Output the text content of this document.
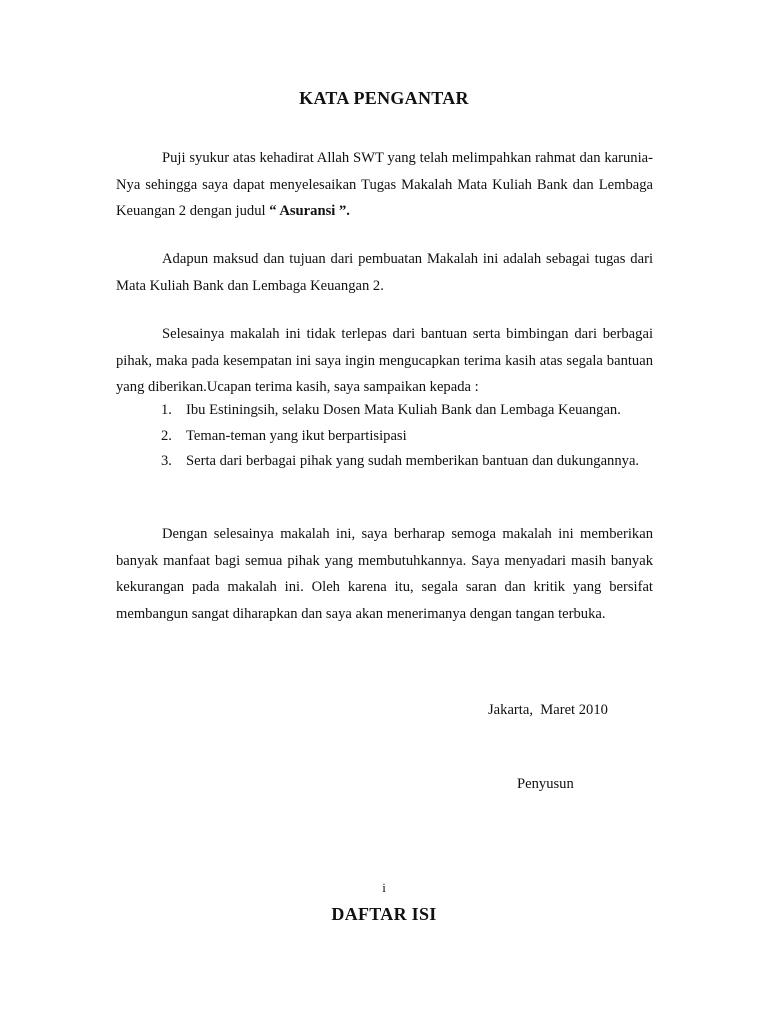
KATA PENGANTAR

Puji syukur atas kehadirat Allah SWT yang telah melimpahkan rahmat dan karunia-Nya sehingga saya dapat menyelesaikan Tugas Makalah Mata Kuliah Bank dan Lembaga Keuangan 2 dengan judul “ Asuransi ”.

Adapun maksud dan tujuan dari pembuatan Makalah ini adalah sebagai tugas dari Mata Kuliah Bank dan Lembaga Keuangan 2.

Selesainya makalah ini tidak terlepas dari bantuan serta bimbingan dari berbagai pihak, maka pada kesempatan ini saya ingin mengucapkan terima kasih atas segala bantuan yang diberikan.Ucapan terima kasih, saya sampaikan kepada :

1. Ibu Estiningsih, selaku Dosen Mata Kuliah Bank dan Lembaga Keuangan.
2. Teman-teman yang ikut berpartisipasi
3. Serta dari berbagai pihak yang sudah memberikan bantuan dan dukungannya.

Dengan selesainya makalah ini, saya berharap semoga makalah ini memberikan banyak manfaat bagi semua pihak yang membutuhkannya. Saya menyadari masih banyak kekurangan pada makalah ini. Oleh karena itu, segala saran dan kritik yang bersifat membangun sangat diharapkan dan saya akan menerimanya dengan tangan terbuka.

Jakarta,  Maret 2010

Penyusun

i

DAFTAR ISI
